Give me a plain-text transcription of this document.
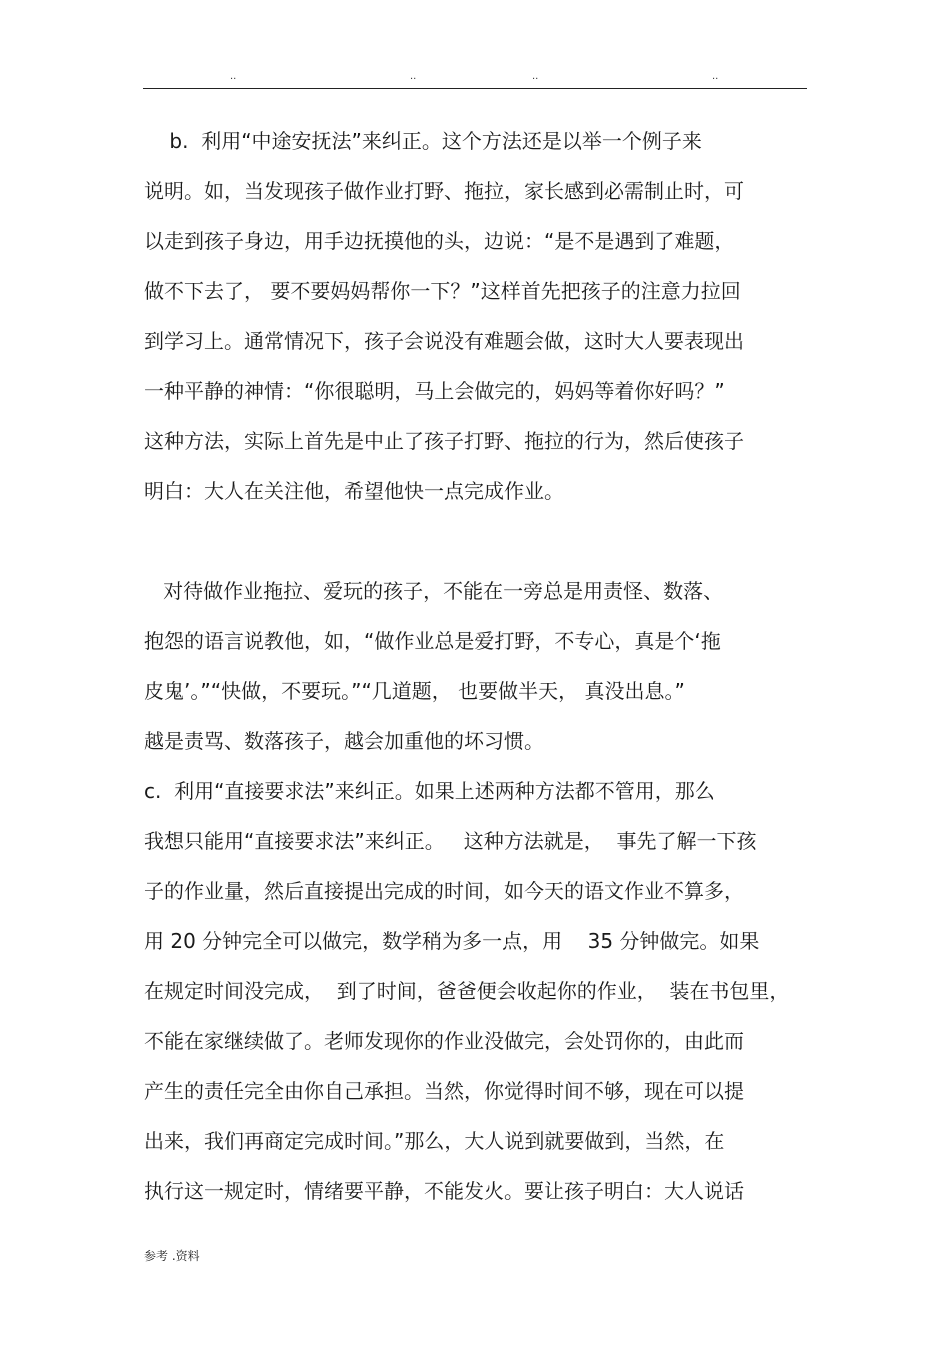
..	..	..	..
b.  利用“中途安抚法”来纠正。这个方法还是以举一个例子来
说明。如，当发现孩子做作业打野、拖拉，家长感到必需制止时，可
以走到孩子身边，用手边抚摸他的头，边说：“是不是遇到了难题，
做不下去了， 要不要妈妈帮你一下？”这样首先把孩子的注意力拉回
到学习上。通常情况下，孩子会说没有难题会做，这时大人要表现出
一种平静的神情：“你很聪明，马上会做完的，妈妈等着你好吗？”
这种方法，实际上首先是中止了孩子打野、拖拉的行为，然后使孩子
明白：大人在关注他，希望他快一点完成作业。
对待做作业拖拉、爱玩的孩子，不能在一旁总是用责怪、数落、
抱怨的语言说教他，如，“做作业总是爱打野，不专心，真是个‘拖
皮鬼’。”“快做，不要玩。”“几道题， 也要做半天， 真没出息。”
越是责骂、数落孩子，越会加重他的坏习惯。
c.  利用“直接要求法”来纠正。如果上述两种方法都不管用，那么
我想只能用“直接要求法”来纠正。   这种方法就是，  事先了解一下孩
子的作业量，然后直接提出完成的时间，如今天的语文作业不算多，
用 20 分钟完全可以做完，数学稍为多一点，用    35 分钟做完。如果
在规定时间没完成，  到了时间，爸爸便会收起你的作业，  装在书包里，
不能在家继续做了。老师发现你的作业没做完，会处罚你的，由此而
产生的责任完全由你自己承担。当然，你觉得时间不够，现在可以提
出来，我们再商定完成时间。”那么，大人说到就要做到，当然，在
执行这一规定时，情绪要平静，不能发火。要让孩子明白：大人说话
参考 .资料
